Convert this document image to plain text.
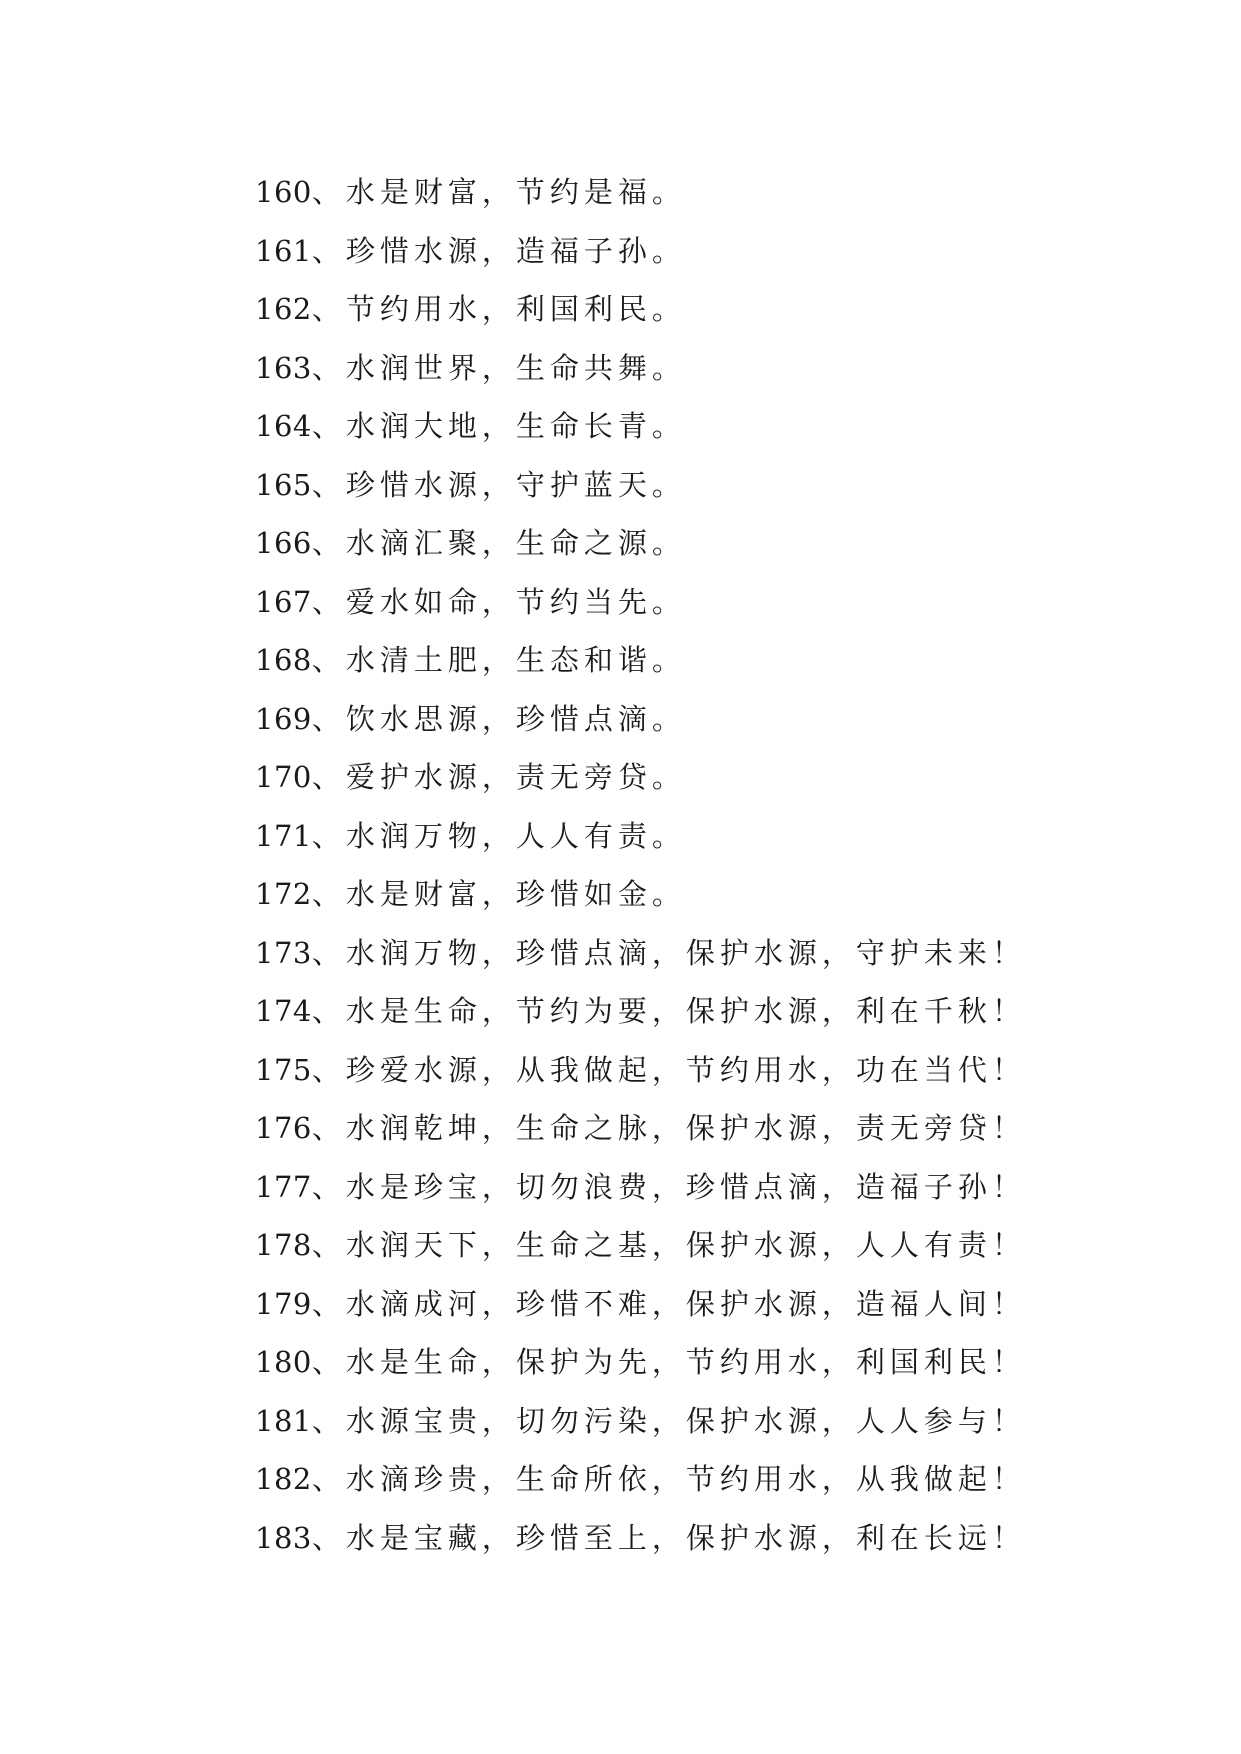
160、水是财富，节约是福。
161、珍惜水源，造福子孙。
162、节约用水，利国利民。
163、水润世界，生命共舞。
164、水润大地，生命长青。
165、珍惜水源，守护蓝天。
166、水滴汇聚，生命之源。
167、爱水如命，节约当先。
168、水清土肥，生态和谐。
169、饮水思源，珍惜点滴。
170、爱护水源，责无旁贷。
171、水润万物，人人有责。
172、水是财富，珍惜如金。
173、水润万物，珍惜点滴，保护水源，守护未来！
174、水是生命，节约为要，保护水源，利在千秋！
175、珍爱水源，从我做起，节约用水，功在当代！
176、水润乾坤，生命之脉，保护水源，责无旁贷！
177、水是珍宝，切勿浪费，珍惜点滴，造福子孙！
178、水润天下，生命之基，保护水源，人人有责！
179、水滴成河，珍惜不难，保护水源，造福人间！
180、水是生命，保护为先，节约用水，利国利民！
181、水源宝贵，切勿污染，保护水源，人人参与！
182、水滴珍贵，生命所依，节约用水，从我做起！
183、水是宝藏，珍惜至上，保护水源，利在长远！
